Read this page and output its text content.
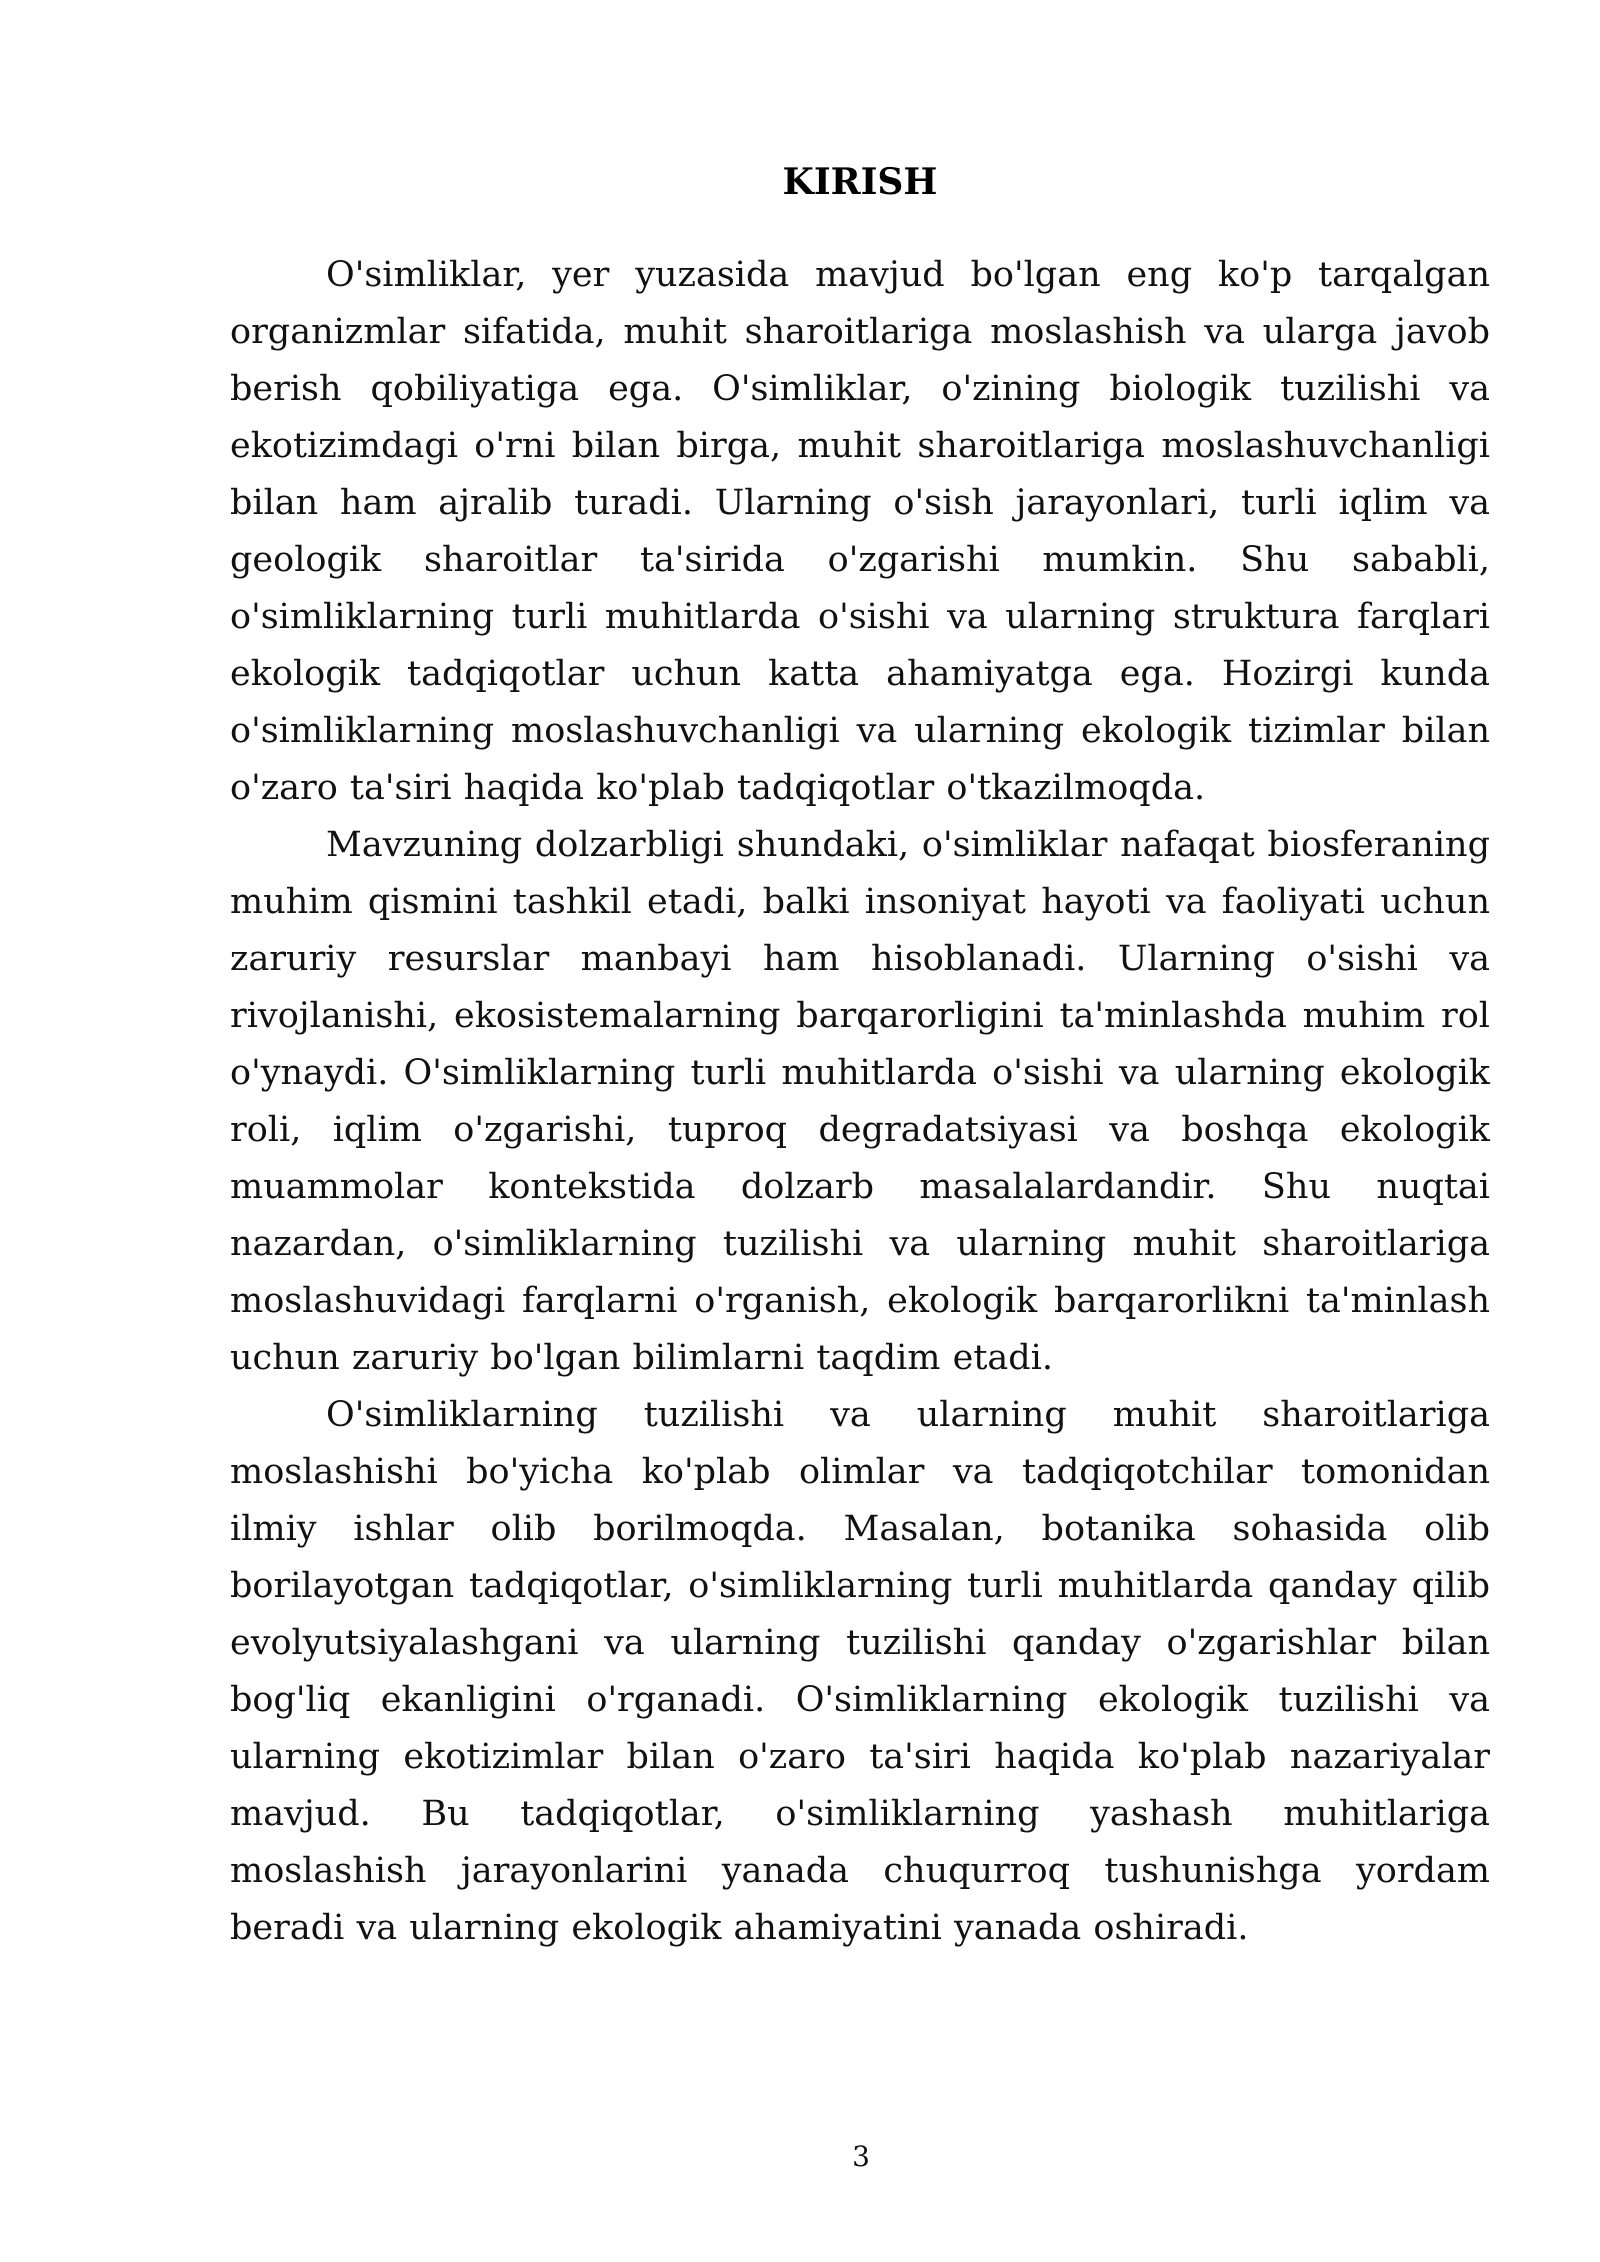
KIRISH

O'simliklar, yer yuzasida mavjud bo'lgan eng ko'p tarqalgan organizmlar sifatida, muhit sharoitlariga moslashish va ularga javob berish qobiliyatiga ega. O'simliklar, o'zining biologik tuzilishi va ekotizimdagi o'rni bilan birga, muhit sharoitlariga moslashuvchanligi bilan ham ajralib turadi. Ularning o'sish jarayonlari, turli iqlim va geologik sharoitlar ta'sirida o'zgarishi mumkin. Shu sababli, o'simliklarning turli muhitlarda o'sishi va ularning struktura farqlari ekologik tadqiqotlar uchun katta ahamiyatga ega. Hozirgi kunda o'simliklarning moslashuvchanligi va ularning ekologik tizimlar bilan o'zaro ta'siri haqida ko'plab tadqiqotlar o'tkazilmoqda.

Mavzuning dolzarbligi shundaki, o'simliklar nafaqat biosferaning muhim qismini tashkil etadi, balki insoniyat hayoti va faoliyati uchun zaruriy resurslar manbayi ham hisoblanadi. Ularning o'sishi va rivojlanishi, ekosistemalarning barqarorligini ta'minlashda muhim rol o'ynaydi. O'simliklarning turli muhitlarda o'sishi va ularning ekologik roli, iqlim o'zgarishi, tuproq degradatsiyasi va boshqa ekologik muammolar kontekstida dolzarb masalalardandir. Shu nuqtai nazardan, o'simliklarning tuzilishi va ularning muhit sharoitlariga moslashuvidagi farqlarni o'rganish, ekologik barqarorlikni ta'minlash uchun zaruriy bo'lgan bilimlarni taqdim etadi.

O'simliklarning tuzilishi va ularning muhit sharoitlariga moslashishi bo'yicha ko'plab olimlar va tadqiqotchilar tomonidan ilmiy ishlar olib borilmoqda. Masalan, botanika sohasida olib borilayotgan tadqiqotlar, o'simliklarning turli muhitlarda qanday qilib evolyutsiyalashgani va ularning tuzilishi qanday o'zgarishlar bilan bog'liq ekanligini o'rganadi. O'simliklarning ekologik tuzilishi va ularning ekotizimlar bilan o'zaro ta'siri haqida ko'plab nazariyalar mavjud. Bu tadqiqotlar, o'simliklarning yashash muhitlariga moslashish jarayonlarini yanada chuqurroq tushunishga yordam beradi va ularning ekologik ahamiyatini yanada oshiradi.

3
